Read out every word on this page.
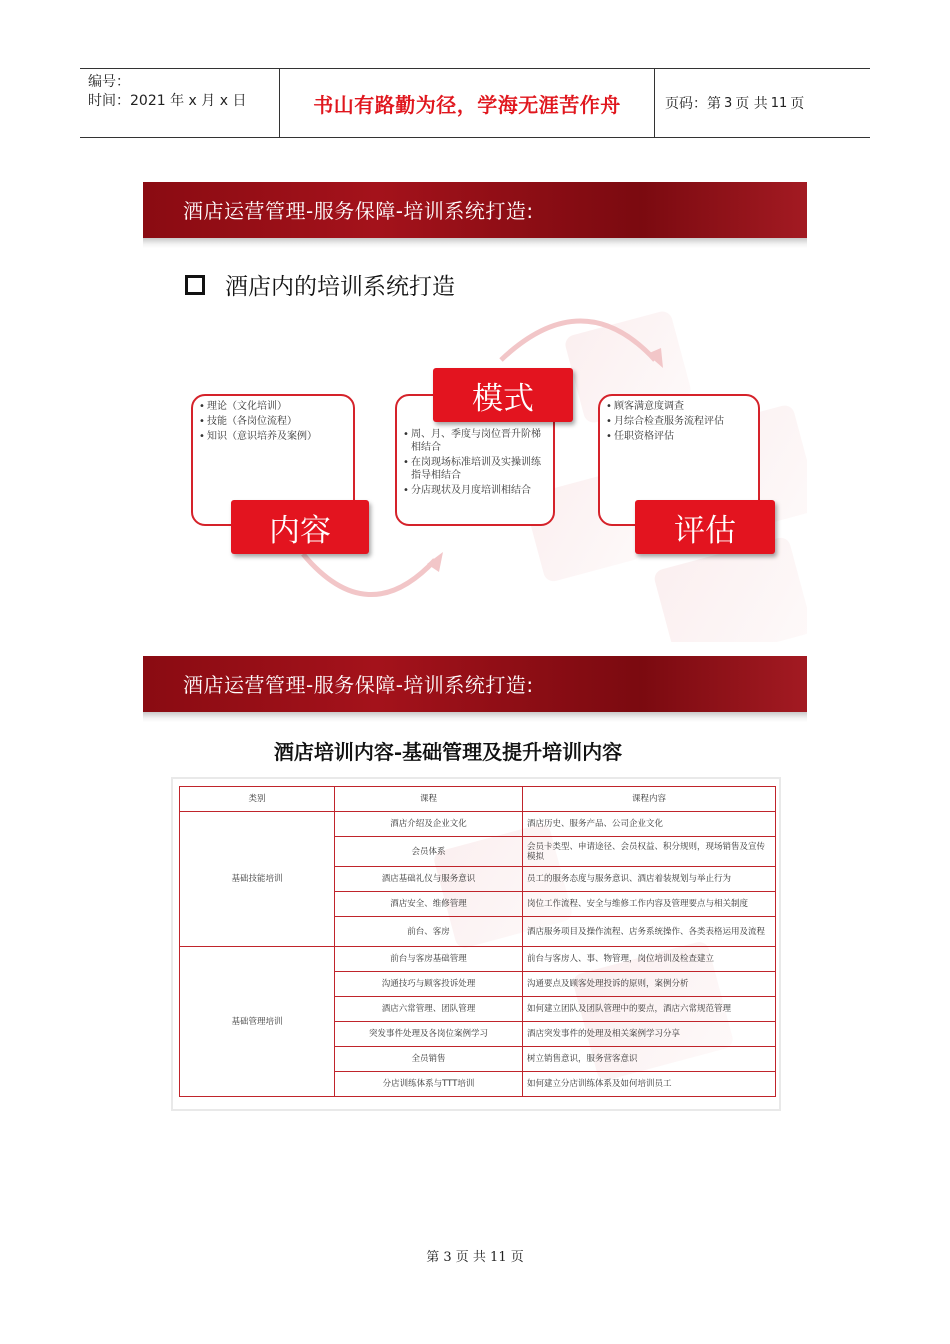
编号：
时间：2021 年 x 月 x 日	书山有路勤为径，学海无涯苦作舟	页码：第 3 页 共 11 页
酒店运营管理-服务保障-培训系统打造:
酒店内的培训系统打造
• 理论（文化培训）
• 技能（各岗位流程）
• 知识（意识培养及案例）
内容
• 周、月、季度与岗位晋升阶梯相结合
• 在岗现场标准培训及实操训练指导相结合
• 分店现状及月度培训相结合
模式	• 顾客满意度调查
• 月综合检查服务流程评估
• 任职资格评估
评估
酒店运营管理-服务保障-培训系统打造:
酒店培训内容-基础管理及提升培训内容
类别	课程	课程内容
基础技能培训	酒店介绍及企业文化	酒店历史、服务产品、公司企业文化
	会员体系	会员卡类型、申请途径、会员权益、积分规则，现场销售及宣传模拟
	酒店基础礼仪与服务意识	员工的服务态度与服务意识、酒店着装规划与举止行为
	酒店安全、维修管理	岗位工作流程、安全与维修工作内容及管理要点与相关制度
	前台、客房	酒店服务项目及操作流程、店务系统操作、各类表格运用及流程
基础管理培训	前台与客房基础管理	前台与客房人、事、物管理，岗位培训及检查建立
	沟通技巧与顾客投诉处理	沟通要点及顾客处理投诉的原则，案例分析
	酒店六常管理、团队管理	如何建立团队及团队管理中的要点，酒店六常规范管理
	突发事件处理及各岗位案例学习	酒店突发事件的处理及相关案例学习分享
	全员销售	树立销售意识，服务营客意识
	分店训练体系与TTT培训	如何建立分店训练体系及如何培训员工
第 3 页 共 11 页
